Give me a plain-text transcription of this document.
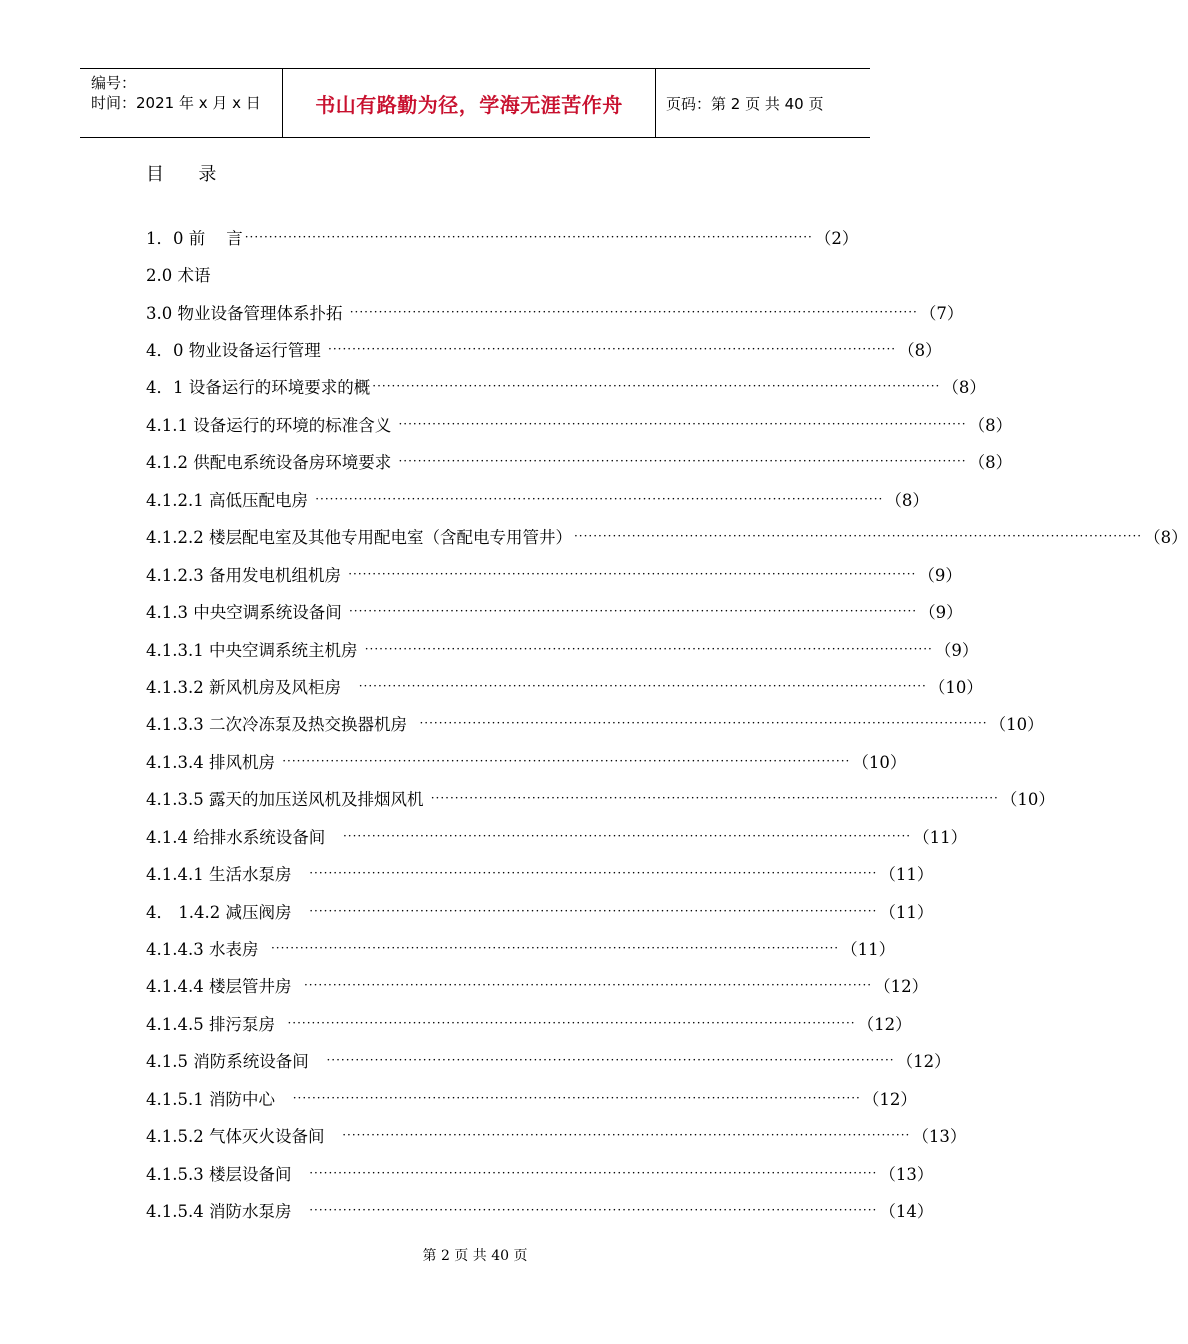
编号：
时间：2021 年 x 月 x 日	书山有路勤为径，学海无涯苦作舟	页码：第 2 页 共 40 页
目      录
1．0 前    言 ······················································································································ （2）
2.0 术语
3.0 物业设备管理体系扑拓 ······················································································································ （7）
4．0 物业设备运行管理 ······················································································································ （8）
4．1 设备运行的环境要求的概 ······················································································································ （8）
4.1.1 设备运行的环境的标准含义 ······················································································································ （8）
4.1.2 供配电系统设备房环境要求 ······················································································································ （8）
4.1.2.1 高低压配电房 ······················································································································ （8）
4.1.2.2 楼层配电室及其他专用配电室（含配电专用管井） ······················································································································ （8）
4.1.2.3 备用发电机组机房 ······················································································································ （9）
4.1.3 中央空调系统设备间 ······················································································································ （9）
4.1.3.1 中央空调系统主机房 ······················································································································ （9）
4.1.3.2 新风机房及风柜房 ······················································································································ （10）
4.1.3.3 二次冷冻泵及热交换器机房 ······················································································································ （10）
4.1.3.4 排风机房 ······················································································································ （10）
4.1.3.5 露天的加压送风机及排烟风机 ······················································································································ （10）
4.1.4 给排水系统设备间 ······················································································································ （11）
4.1.4.1 生活水泵房 ······················································································································ （11）
4． 1.4.2 减压阀房 ······················································································································ （11）
4.1.4.3 水表房 ······················································································································ （11）
4.1.4.4 楼层管井房 ······················································································································ （12）
4.1.4.5 排污泵房 ······················································································································ （12）
4.1.5 消防系统设备间 ······················································································································ （12）
4.1.5.1 消防中心 ······················································································································ （12）
4.1.5.2 气体灭火设备间 ······················································································································ （13）
4.1.5.3 楼层设备间 ······················································································································ （13）
4.1.5.4 消防水泵房 ······················································································································ （14）
第 2 页 共 40 页
